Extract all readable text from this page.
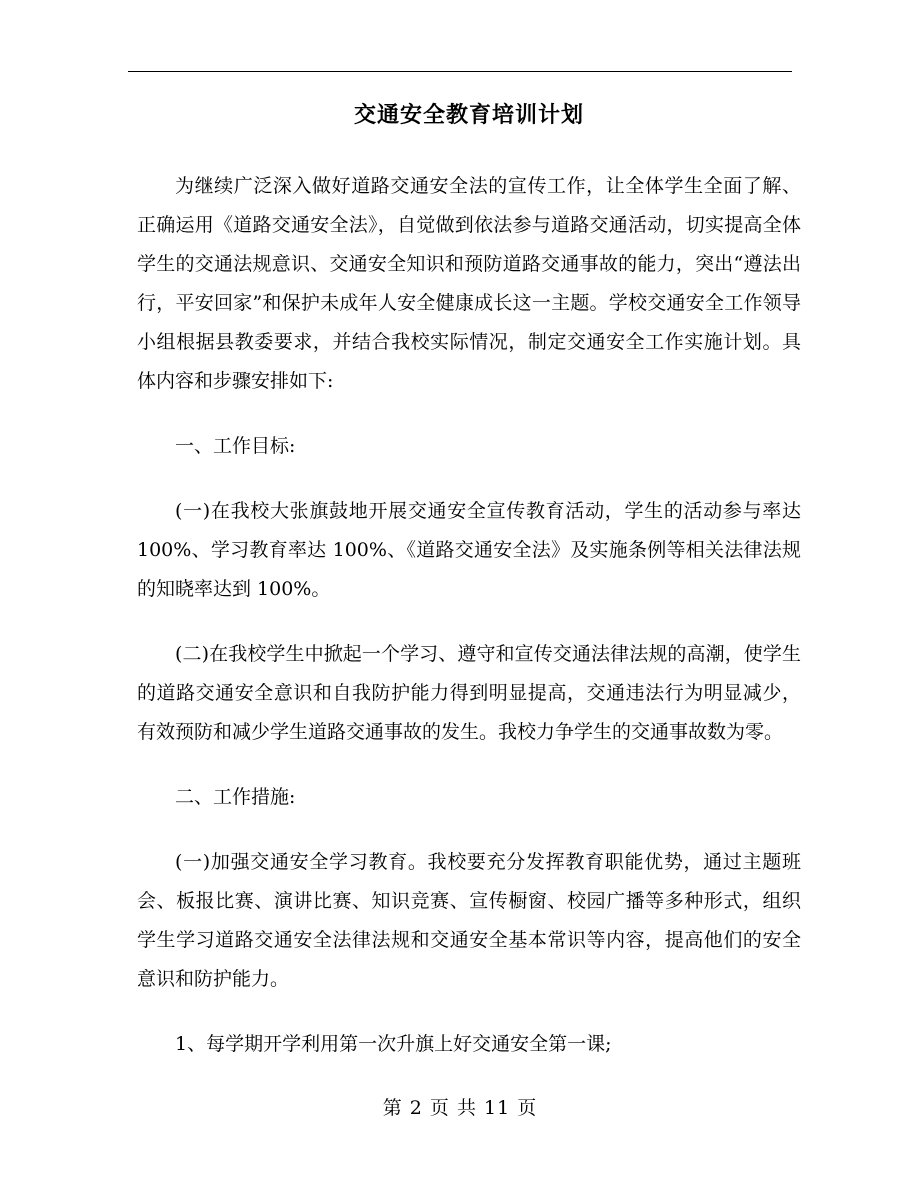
交通安全教育培训计划

为继续广泛深入做好道路交通安全法的宣传工作，让全体学生全面了解、正确运用《道路交通安全法》，自觉做到依法参与道路交通活动，切实提高全体学生的交通法规意识、交通安全知识和预防道路交通事故的能力，突出“遵法出行，平安回家”和保护未成年人安全健康成长这一主题。学校交通安全工作领导小组根据县教委要求，并结合我校实际情况，制定交通安全工作实施计划。具体内容和步骤安排如下:

一、工作目标:

(一)在我校大张旗鼓地开展交通安全宣传教育活动，学生的活动参与率达 100%、学习教育率达 100%、《道路交通安全法》及实施条例等相关法律法规的知晓率达到 100%。

(二)在我校学生中掀起一个学习、遵守和宣传交通法律法规的高潮，使学生的道路交通安全意识和自我防护能力得到明显提高，交通违法行为明显减少，有效预防和减少学生道路交通事故的发生。我校力争学生的交通事故数为零。

二、工作措施:

(一)加强交通安全学习教育。我校要充分发挥教育职能优势，通过主题班会、板报比赛、演讲比赛、知识竞赛、宣传橱窗、校园广播等多种形式，组织学生学习道路交通安全法律法规和交通安全基本常识等内容，提高他们的安全意识和防护能力。

1、每学期开学利用第一次升旗上好交通安全第一课;

第 2 页 共 11 页
